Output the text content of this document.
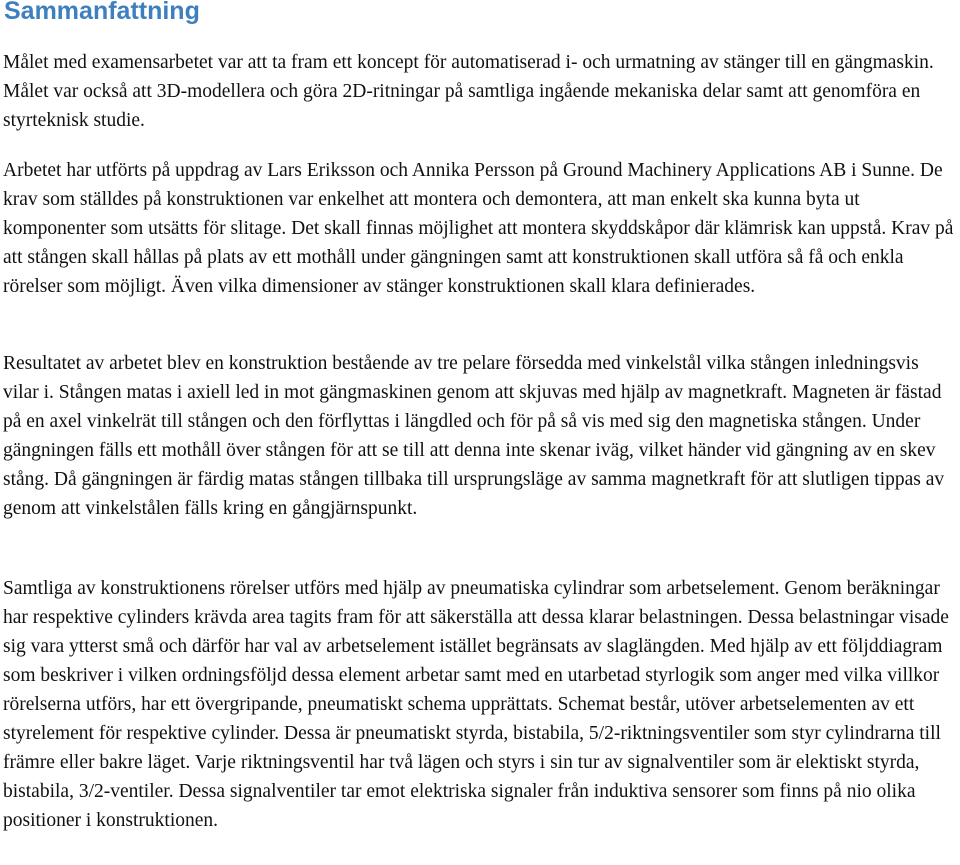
Sammanfattning

Målet med examensarbetet var att ta fram ett koncept för automatiserad i- och urmatning av stänger till en gängmaskin. Målet var också att 3D-modellera och göra 2D-ritningar på samtliga ingående mekaniska delar samt att genomföra en styrteknisk studie.

Arbetet har utförts på uppdrag av Lars Eriksson och Annika Persson på Ground Machinery Applications AB i Sunne. De krav som ställdes på konstruktionen var enkelhet att montera och demontera, att man enkelt ska kunna byta ut komponenter som utsätts för slitage. Det skall finnas möjlighet att montera skyddskåpor där klämrisk kan uppstå. Krav på att stången skall hållas på plats av ett mothåll under gängningen samt att konstruktionen skall utföra så få och enkla rörelser som möjligt. Även vilka dimensioner av stänger konstruktionen skall klara definierades.

Resultatet av arbetet blev en konstruktion bestående av tre pelare försedda med vinkelstål vilka stången inledningsvis vilar i. Stången matas i axiell led in mot gängmaskinen genom att skjuvas med hjälp av magnetkraft. Magneten är fästad på en axel vinkelrät till stången och den förflyttas i längdled och för på så vis med sig den magnetiska stången. Under gängningen fälls ett mothåll över stången för att se till att denna inte skenar iväg, vilket händer vid gängning av en skev stång. Då gängningen är färdig matas stången tillbaka till ursprungsläge av samma magnetkraft för att slutligen tippas av genom att vinkelstålen fälls kring en gångjärnspunkt.

Samtliga av konstruktionens rörelser utförs med hjälp av pneumatiska cylindrar som arbetselement. Genom beräkningar har respektive cylinders krävda area tagits fram för att säkerställa att dessa klarar belastningen. Dessa belastningar visade sig vara ytterst små och därför har val av arbetselement istället begränsats av slaglängden. Med hjälp av ett följddiagram som beskriver i vilken ordningsföljd dessa element arbetar samt med en utarbetad styrlogik som anger med vilka villkor rörelserna utförs, har ett övergripande, pneumatiskt schema upprättats. Schemat består, utöver arbetselementen av ett styrelement för respektive cylinder. Dessa är pneumatiskt styrda, bistabila, 5/2-riktningsventiler som styr cylindrarna till främre eller bakre läget. Varje riktningsventil har två lägen och styrs i sin tur av signalventiler som är elektiskt styrda, bistabila, 3/2-ventiler. Dessa signalventiler tar emot elektriska signaler från induktiva sensorer som finns på nio olika positioner i konstruktionen.
